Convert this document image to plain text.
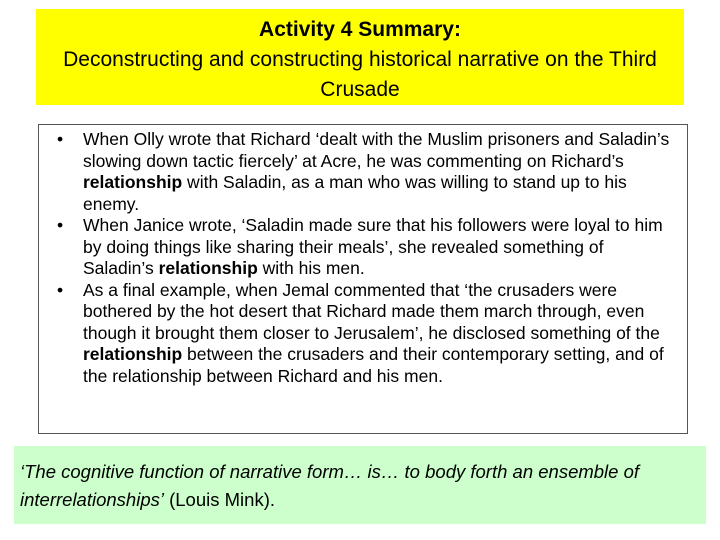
Activity 4 Summary:
Deconstructing and constructing historical narrative on the Third Crusade
• When Olly wrote that Richard ‘dealt with the Muslim prisoners and Saladin’s slowing down tactic fiercely’ at Acre, he was commenting on Richard’s relationship with Saladin, as a man who was willing to stand up to his enemy.
• When Janice wrote, ‘Saladin made sure that his followers were loyal to him by doing things like sharing their meals’, she revealed something of Saladin’s relationship with his men.
• As a final example, when Jemal commented that ‘the crusaders were bothered by the hot desert that Richard made them march through, even though it brought them closer to Jerusalem’, he disclosed something of the relationship between the crusaders and their contemporary setting, and of the relationship between Richard and his men.
‘The cognitive function of narrative form… is… to body forth an ensemble of interrelationships’ (Louis Mink).
